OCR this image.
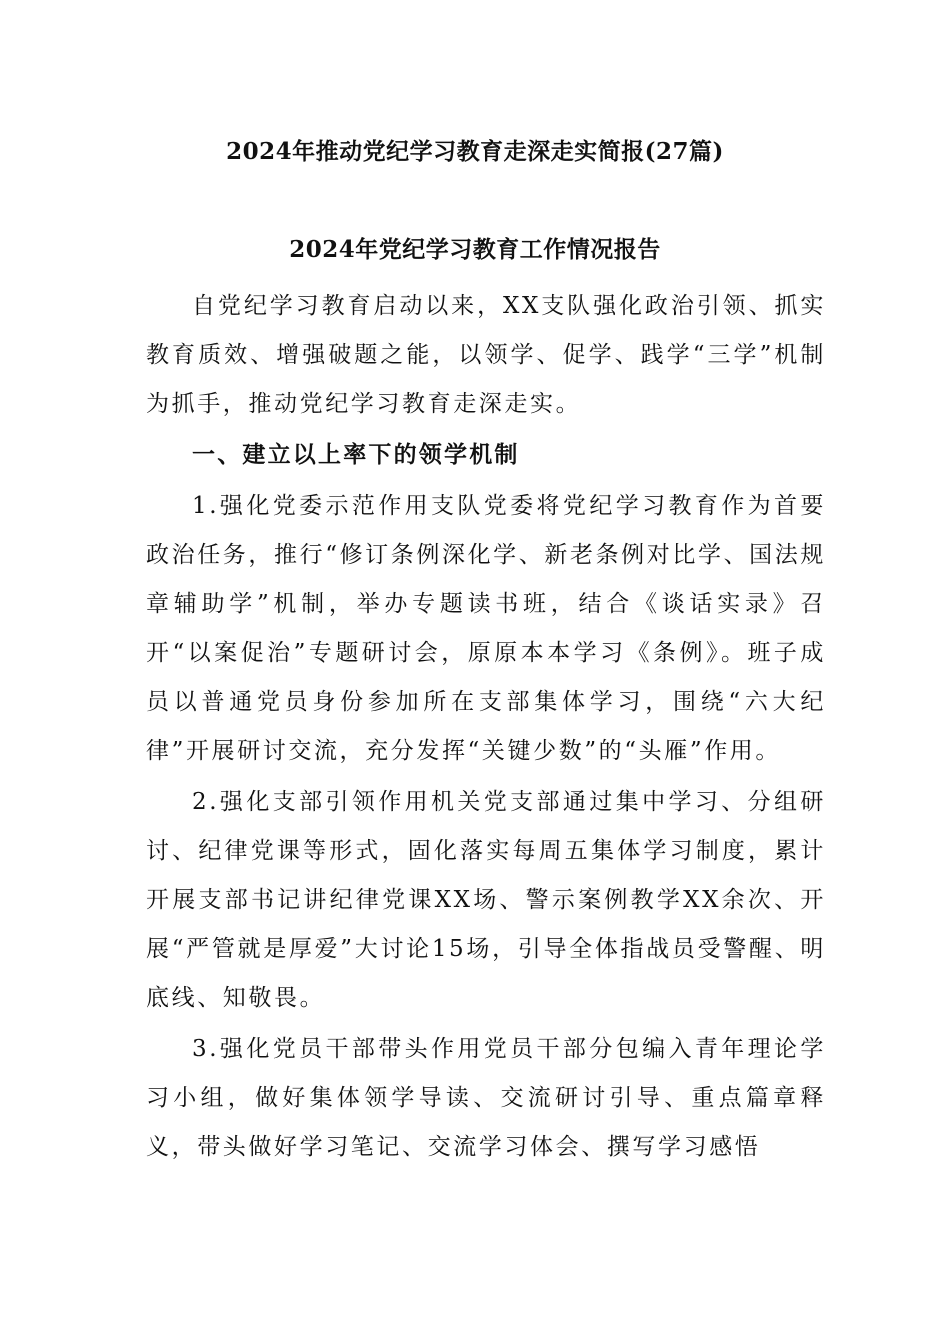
2024年推动党纪学习教育走深走实简报(27篇)
2024年党纪学习教育工作情况报告

自党纪学习教育启动以来，XX支队强化政治引领、抓实教育质效、增强破题之能，以领学、促学、践学“三学”机制为抓手，推动党纪学习教育走深走实。

一、建立以上率下的领学机制

1.强化党委示范作用支队党委将党纪学习教育作为首要政治任务，推行“修订条例深化学、新老条例对比学、国法规章辅助学”机制，举办专题读书班，结合《谈话实录》召开“以案促治”专题研讨会，原原本本学习《条例》。班子成员以普通党员身份参加所在支部集体学习，围绕“六大纪律”开展研讨交流，充分发挥“关键少数”的“头雁”作用。

2.强化支部引领作用机关党支部通过集中学习、分组研讨、纪律党课等形式，固化落实每周五集体学习制度，累计开展支部书记讲纪律党课XX场、警示案例教学XX余次、开展“严管就是厚爱”大讨论15场，引导全体指战员受警醒、明底线、知敬畏。

3.强化党员干部带头作用党员干部分包编入青年理论学习小组，做好集体领学导读、交流研讨引导、重点篇章释义，带头做好学习笔记、交流学习体会、撰写学习感悟
